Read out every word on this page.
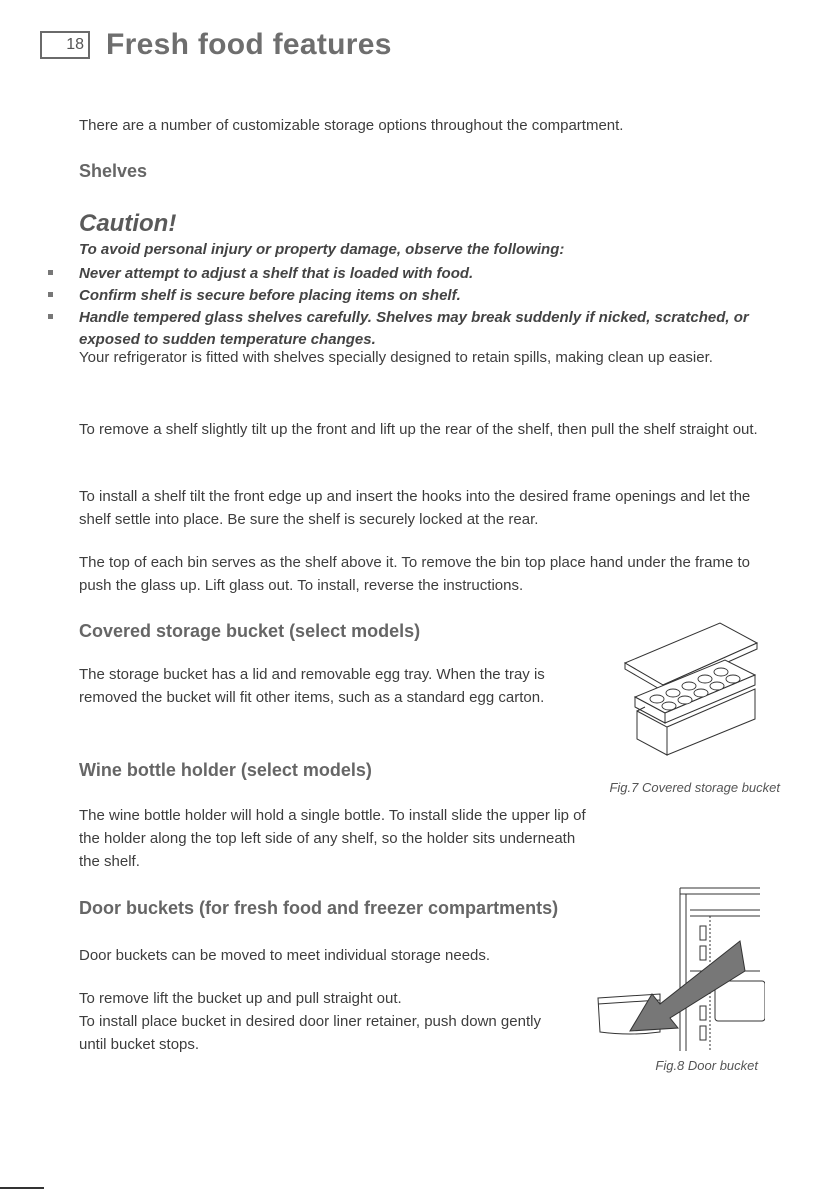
18 Fresh food features

There are a number of customizable storage options throughout the compartment.

Shelves

Caution!
To avoid personal injury or property damage, observe the following:
Never attempt to adjust a shelf that is loaded with food.
Confirm shelf is secure before placing items on shelf.
Handle tempered glass shelves carefully. Shelves may break suddenly if nicked, scratched, or exposed to sudden temperature changes.

Your refrigerator is fitted with shelves specially designed to retain spills, making clean up easier.

To remove a shelf slightly tilt up the front and lift up the rear of the shelf, then pull the shelf straight out.

To install a shelf tilt the front edge up and insert the hooks into the desired frame openings and let the shelf settle into place. Be sure the shelf is securely locked at the rear.

The top of each bin serves as the shelf above it. To remove the bin top place hand under the frame to push the glass up. Lift glass out. To install, reverse the instructions.

Covered storage bucket (select models)

The storage bucket has a lid and removable egg tray. When the tray is removed the bucket will fit other items, such as a standard egg carton.

Wine bottle holder (select models)

The wine bottle holder will hold a single bottle. To install slide the upper lip of the holder along the top left side of any shelf, so the holder sits underneath the shelf.

Door buckets (for fresh food and freezer compartments)

Door buckets can be moved to meet individual storage needs.

To remove lift the bucket up and pull straight out.

To install place bucket in desired door liner retainer, push down gently until bucket stops.

Fig.7 Covered storage bucket
Fig.8 Door bucket
